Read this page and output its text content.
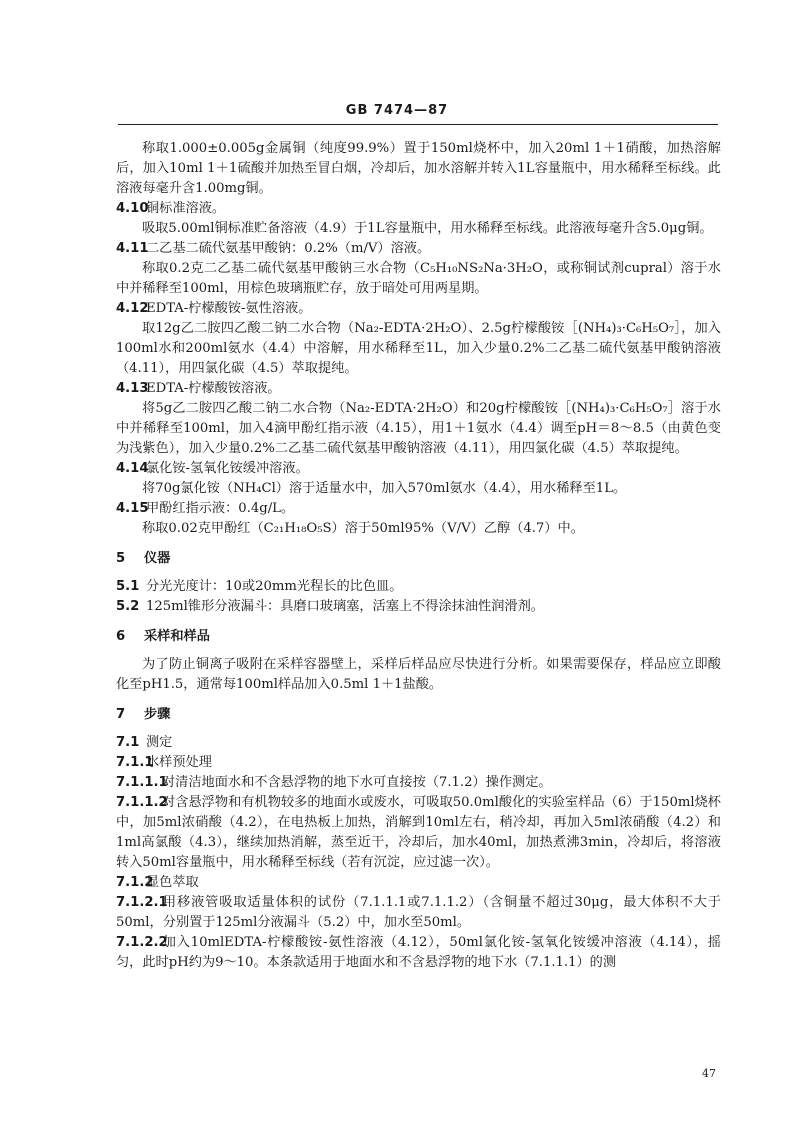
GB 7474—87
称取1.000±0.005g金属铜（纯度99.9%）置于150ml烧杯中，加入20ml 1＋1硝酸，加热溶解后，加入10ml 1＋1硫酸并加热至冒白烟，冷却后，加水溶解并转入1L容量瓶中，用水稀释至标线。此溶液每毫升含1.00mg铜。
4.10铜标准溶液。
吸取5.00ml铜标准贮备溶液（4.9）于1L容量瓶中，用水稀释至标线。此溶液每毫升含5.0μg铜。
4.11二乙基二硫代氨基甲酸钠：0.2%（m/V）溶液。
称取0.2克二乙基二硫代氨基甲酸钠三水合物（C₅H₁₀NS₂Na·3H₂O，或称铜试剂cupral）溶于水中并稀释至100ml，用棕色玻璃瓶贮存，放于暗处可用两星期。
4.12EDTA-柠檬酸铵-氨性溶液。
取12g乙二胺四乙酸二钠二水合物（Na₂-EDTA·2H₂O）、2.5g柠檬酸铵［(NH₄)₃·C₆H₅O₇］，加入100ml水和200ml氨水（4.4）中溶解，用水稀释至1L，加入少量0.2%二乙基二硫代氨基甲酸钠溶液（4.11），用四氯化碳（4.5）萃取提纯。
4.13EDTA-柠檬酸铵溶液。
将5g乙二胺四乙酸二钠二水合物（Na₂-EDTA·2H₂O）和20g柠檬酸铵［(NH₄)₃·C₆H₅O₇］溶于水中并稀释至100ml，加入4滴甲酚红指示液（4.15），用1＋1氨水（4.4）调至pH＝8～8.5（由黄色变为浅紫色），加入少量0.2%二乙基二硫代氨基甲酸钠溶液（4.11），用四氯化碳（4.5）萃取提纯。
4.14氯化铵-氢氧化铵缓冲溶液。
将70g氯化铵（NH₄Cl）溶于适量水中，加入570ml氨水（4.4），用水稀释至1L。
4.15甲酚红指示液：0.4g/L。
称取0.02克甲酚红（C₂₁H₁₈O₅S）溶于50ml95%（V/V）乙醇（4.7）中。
5 仪器
5.1 分光光度计：10或20mm光程长的比色皿。
5.2 125ml锥形分液漏斗：具磨口玻璃塞，活塞上不得涂抹油性润滑剂。
6 采样和样品
为了防止铜离子吸附在采样容器壁上，采样后样品应尽快进行分析。如果需要保存，样品应立即酸化至pH1.5，通常每100ml样品加入0.5ml 1＋1盐酸。
7 步骤
7.1 测定
7.1.1水样预处理
7.1.1.1对清洁地面水和不含悬浮物的地下水可直接按（7.1.2）操作测定。
7.1.1.2对含悬浮物和有机物较多的地面水或废水，可吸取50.0ml酸化的实验室样品（6）于150ml烧杯中，加5ml浓硝酸（4.2），在电热板上加热，消解到10ml左右，稍冷却，再加入5ml浓硝酸（4.2）和1ml高氯酸（4.3），继续加热消解，蒸至近干，冷却后，加水40ml，加热煮沸3min，冷却后，将溶液转入50ml容量瓶中，用水稀释至标线（若有沉淀，应过滤一次）。
7.1.2显色萃取
7.1.2.1用移液管吸取适量体积的试份（7.1.1.1或7.1.1.2）（含铜量不超过30μg，最大体积不大于50ml，分别置于125ml分液漏斗（5.2）中，加水至50ml。
7.1.2.2加入10mlEDTA-柠檬酸铵-氨性溶液（4.12），50ml氯化铵-氢氧化铵缓冲溶液（4.14），摇匀，此时pH约为9～10。本条款适用于地面水和不含悬浮物的地下水（7.1.1.1）的测
47
